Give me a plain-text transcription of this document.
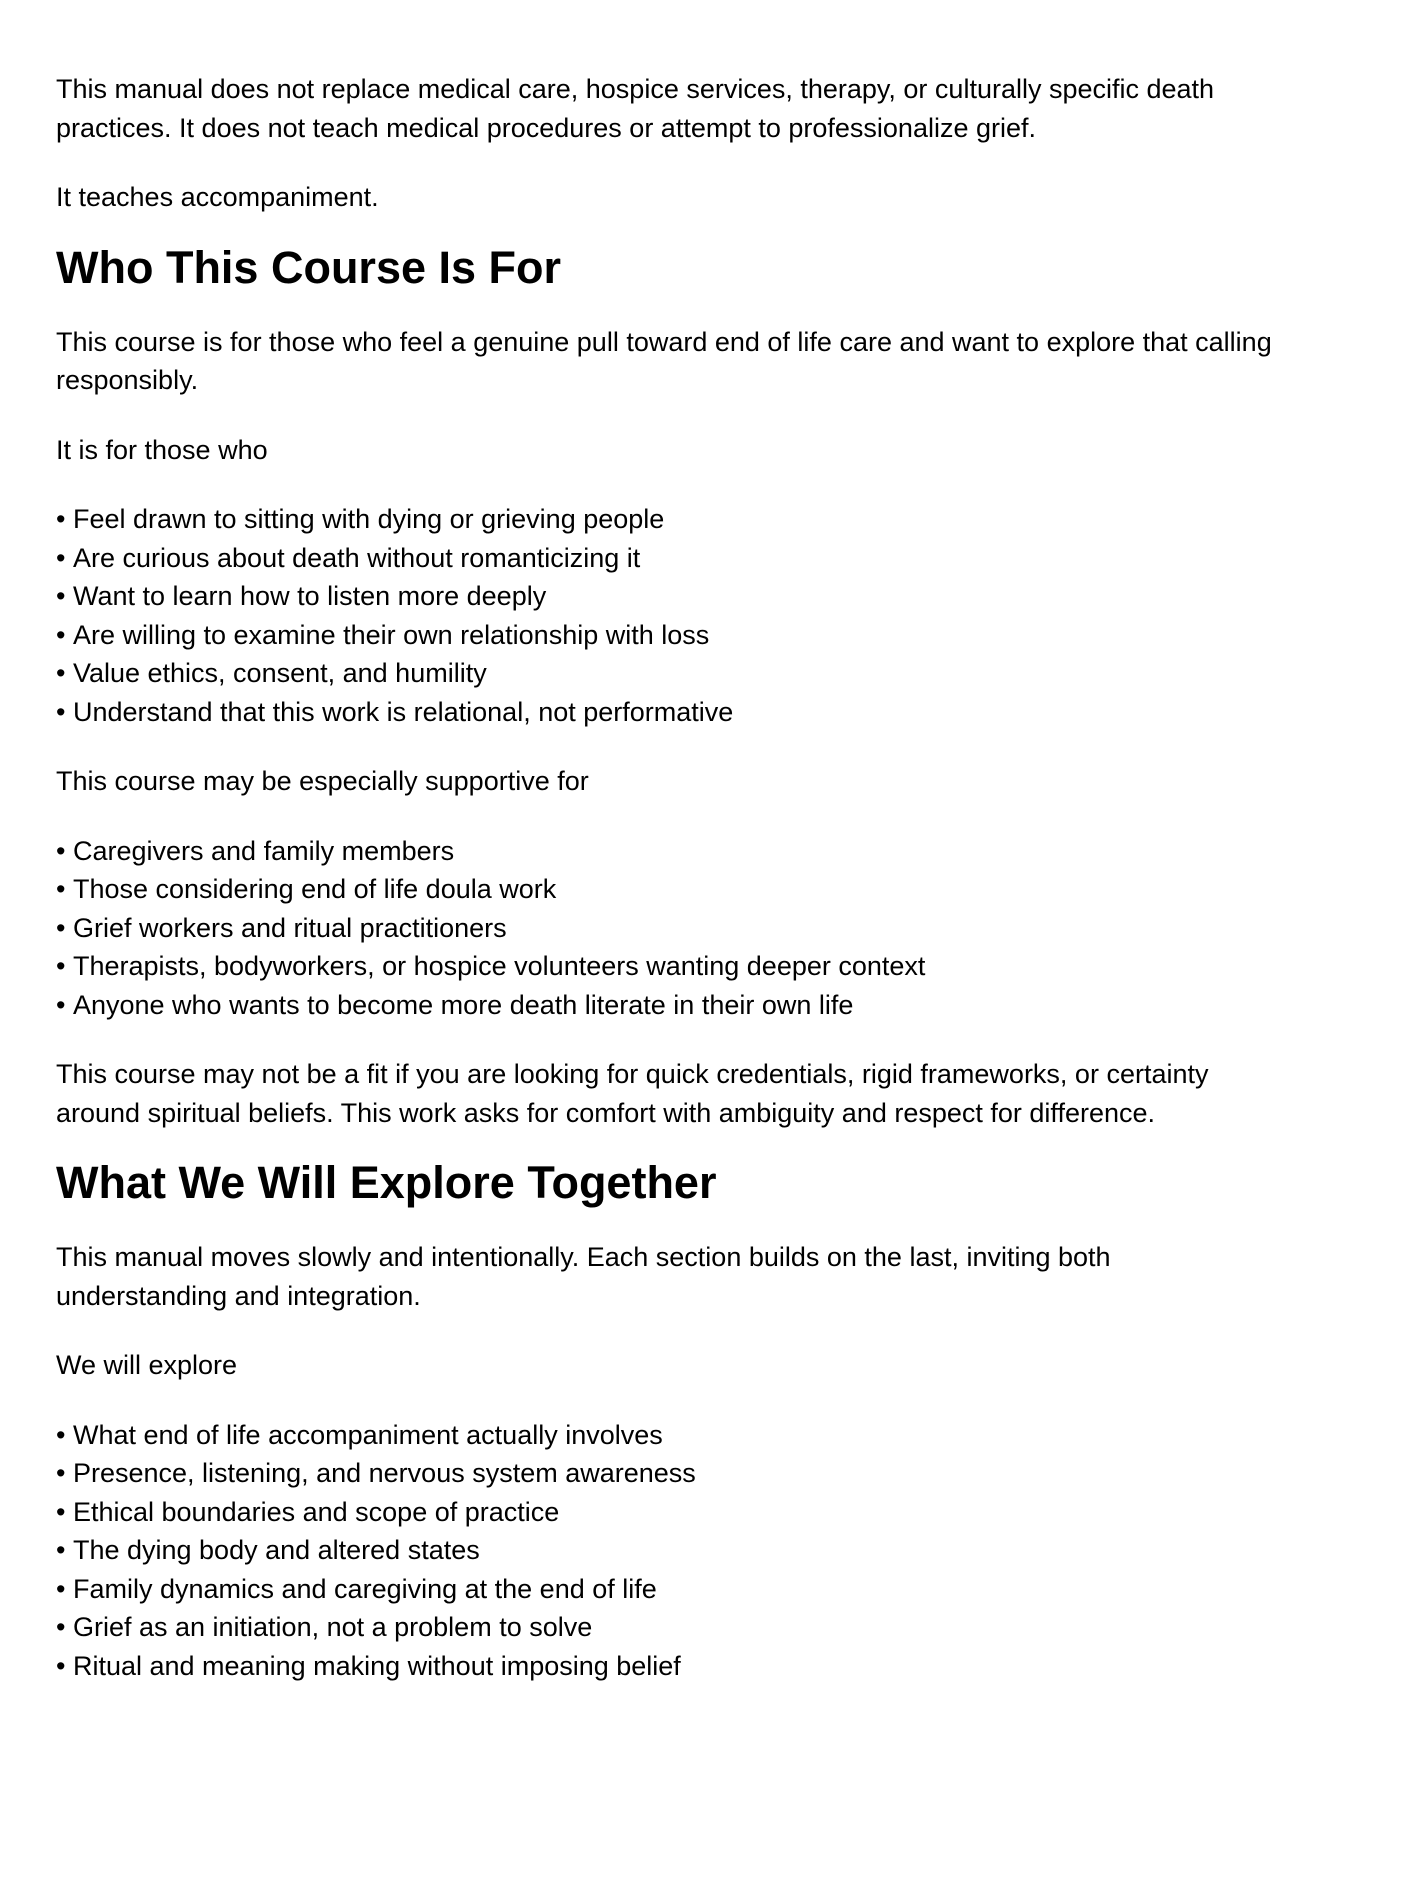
This manual does not replace medical care, hospice services, therapy, or culturally specific death practices. It does not teach medical procedures or attempt to professionalize grief.

It teaches accompaniment.

Who This Course Is For

This course is for those who feel a genuine pull toward end of life care and want to explore that calling responsibly.

It is for those who

• Feel drawn to sitting with dying or grieving people
• Are curious about death without romanticizing it
• Want to learn how to listen more deeply
• Are willing to examine their own relationship with loss
• Value ethics, consent, and humility
• Understand that this work is relational, not performative

This course may be especially supportive for

• Caregivers and family members
• Those considering end of life doula work
• Grief workers and ritual practitioners
• Therapists, bodyworkers, or hospice volunteers wanting deeper context
• Anyone who wants to become more death literate in their own life

This course may not be a fit if you are looking for quick credentials, rigid frameworks, or certainty around spiritual beliefs. This work asks for comfort with ambiguity and respect for difference.

What We Will Explore Together

This manual moves slowly and intentionally. Each section builds on the last, inviting both understanding and integration.

We will explore

• What end of life accompaniment actually involves
• Presence, listening, and nervous system awareness
• Ethical boundaries and scope of practice
• The dying body and altered states
• Family dynamics and caregiving at the end of life
• Grief as an initiation, not a problem to solve
• Ritual and meaning making without imposing belief
